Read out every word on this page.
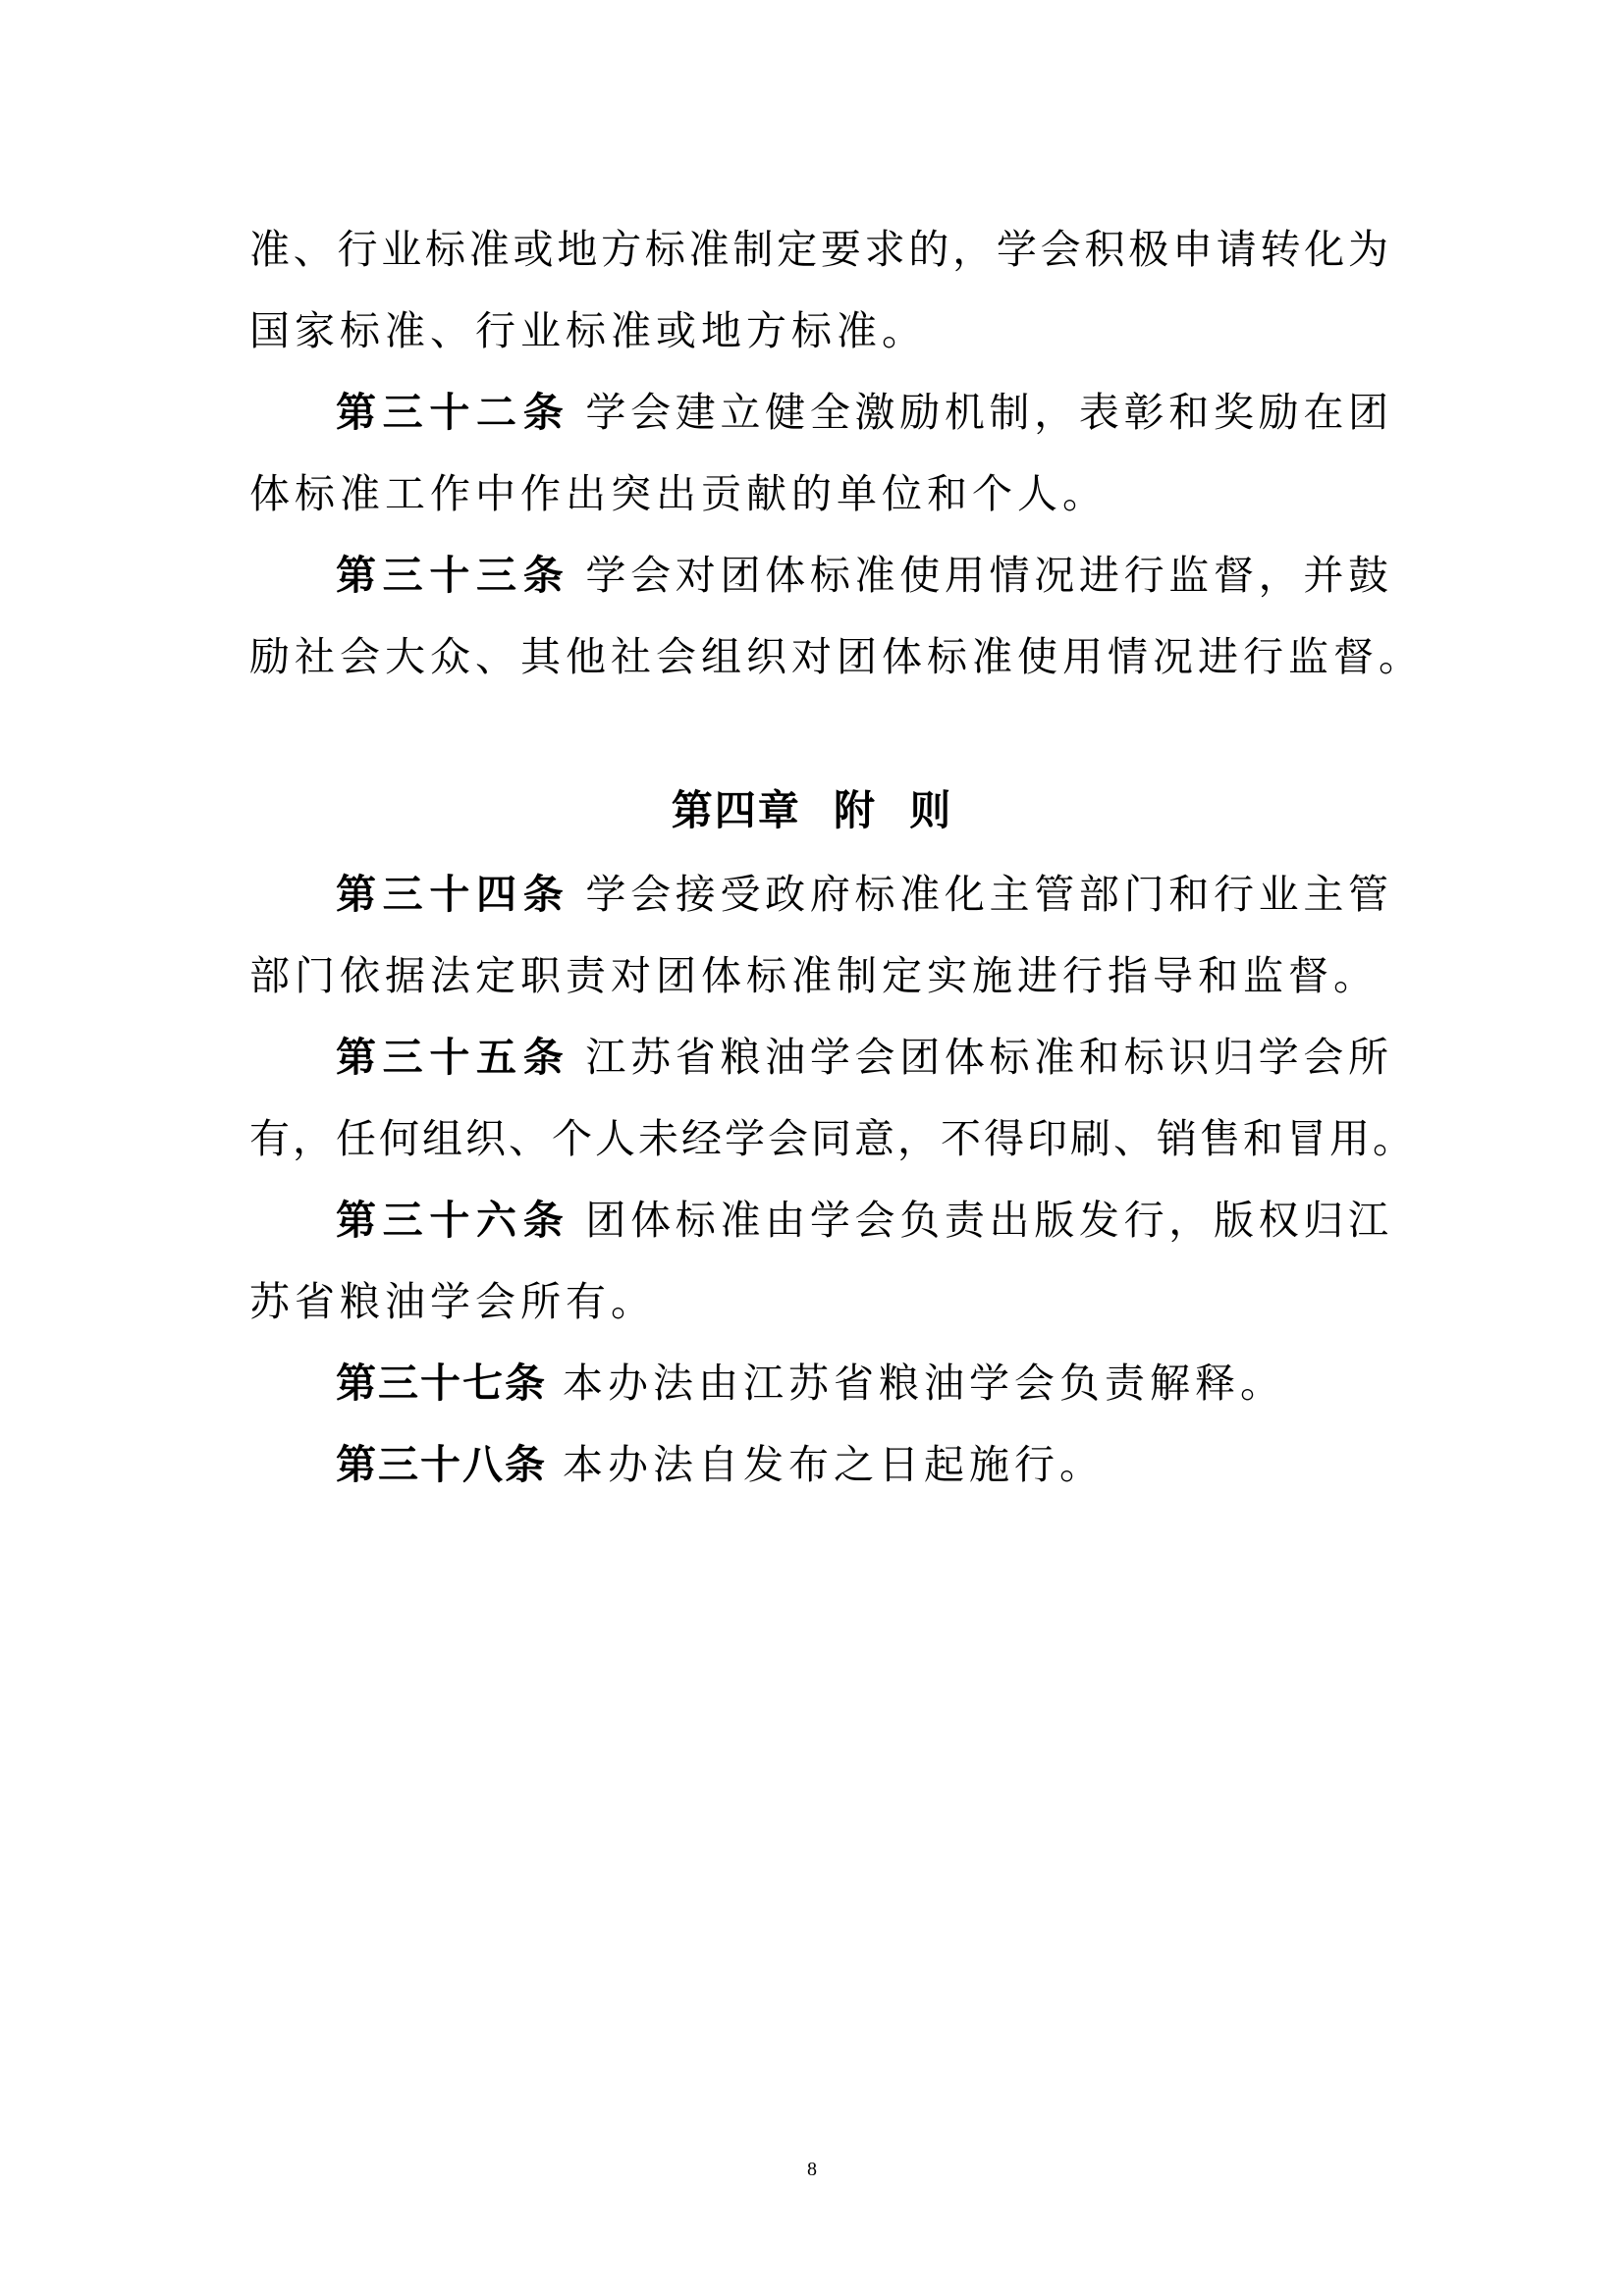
准、行业标准或地方标准制定要求的，学会积极申请转化为
国家标准、行业标准或地方标准。
第三十二条 学会建立健全激励机制，表彰和奖励在团
体标准工作中作出突出贡献的单位和个人。
第三十三条 学会对团体标准使用情况进行监督，并鼓
励社会大众、其他社会组织对团体标准使用情况进行监督。
第三十四条 学会接受政府标准化主管部门和行业主管
部门依据法定职责对团体标准制定实施进行指导和监督。
第三十五条 江苏省粮油学会团体标准和标识归学会所
有，任何组织、个人未经学会同意，不得印刷、销售和冒用。
第三十六条 团体标准由学会负责出版发行，版权归江
苏省粮油学会所有。
第三十七条 本办法由江苏省粮油学会负责解释。
第三十八条 本办法自发布之日起施行。
第四章  附  则
8
